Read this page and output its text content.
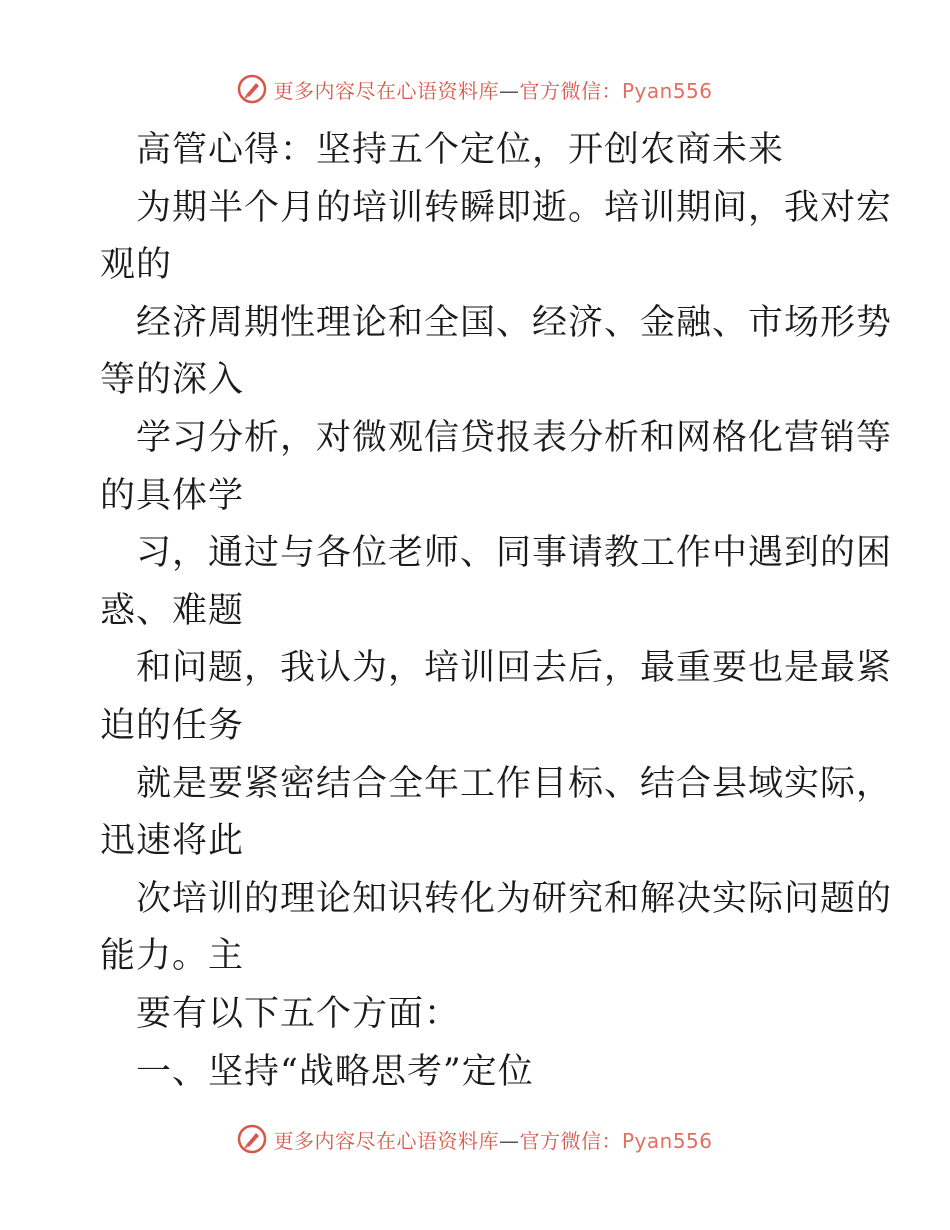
更多内容尽在心语资料库—官方微信：Pyan556
高管心得：坚持五个定位，开创农商未来
为期半个月的培训转瞬即逝。培训期间，我对宏
观的
经济周期性理论和全国、经济、金融、市场形势
等的深入
学习分析，对微观信贷报表分析和网格化营销等
的具体学
习，通过与各位老师、同事请教工作中遇到的困
惑、难题
和问题，我认为，培训回去后，最重要也是最紧
迫的任务
就是要紧密结合全年工作目标、结合县域实际，
迅速将此
次培训的理论知识转化为研究和解决实际问题的
能力。主
要有以下五个方面：
一、坚持“战略思考”定位
更多内容尽在心语资料库—官方微信：Pyan556
